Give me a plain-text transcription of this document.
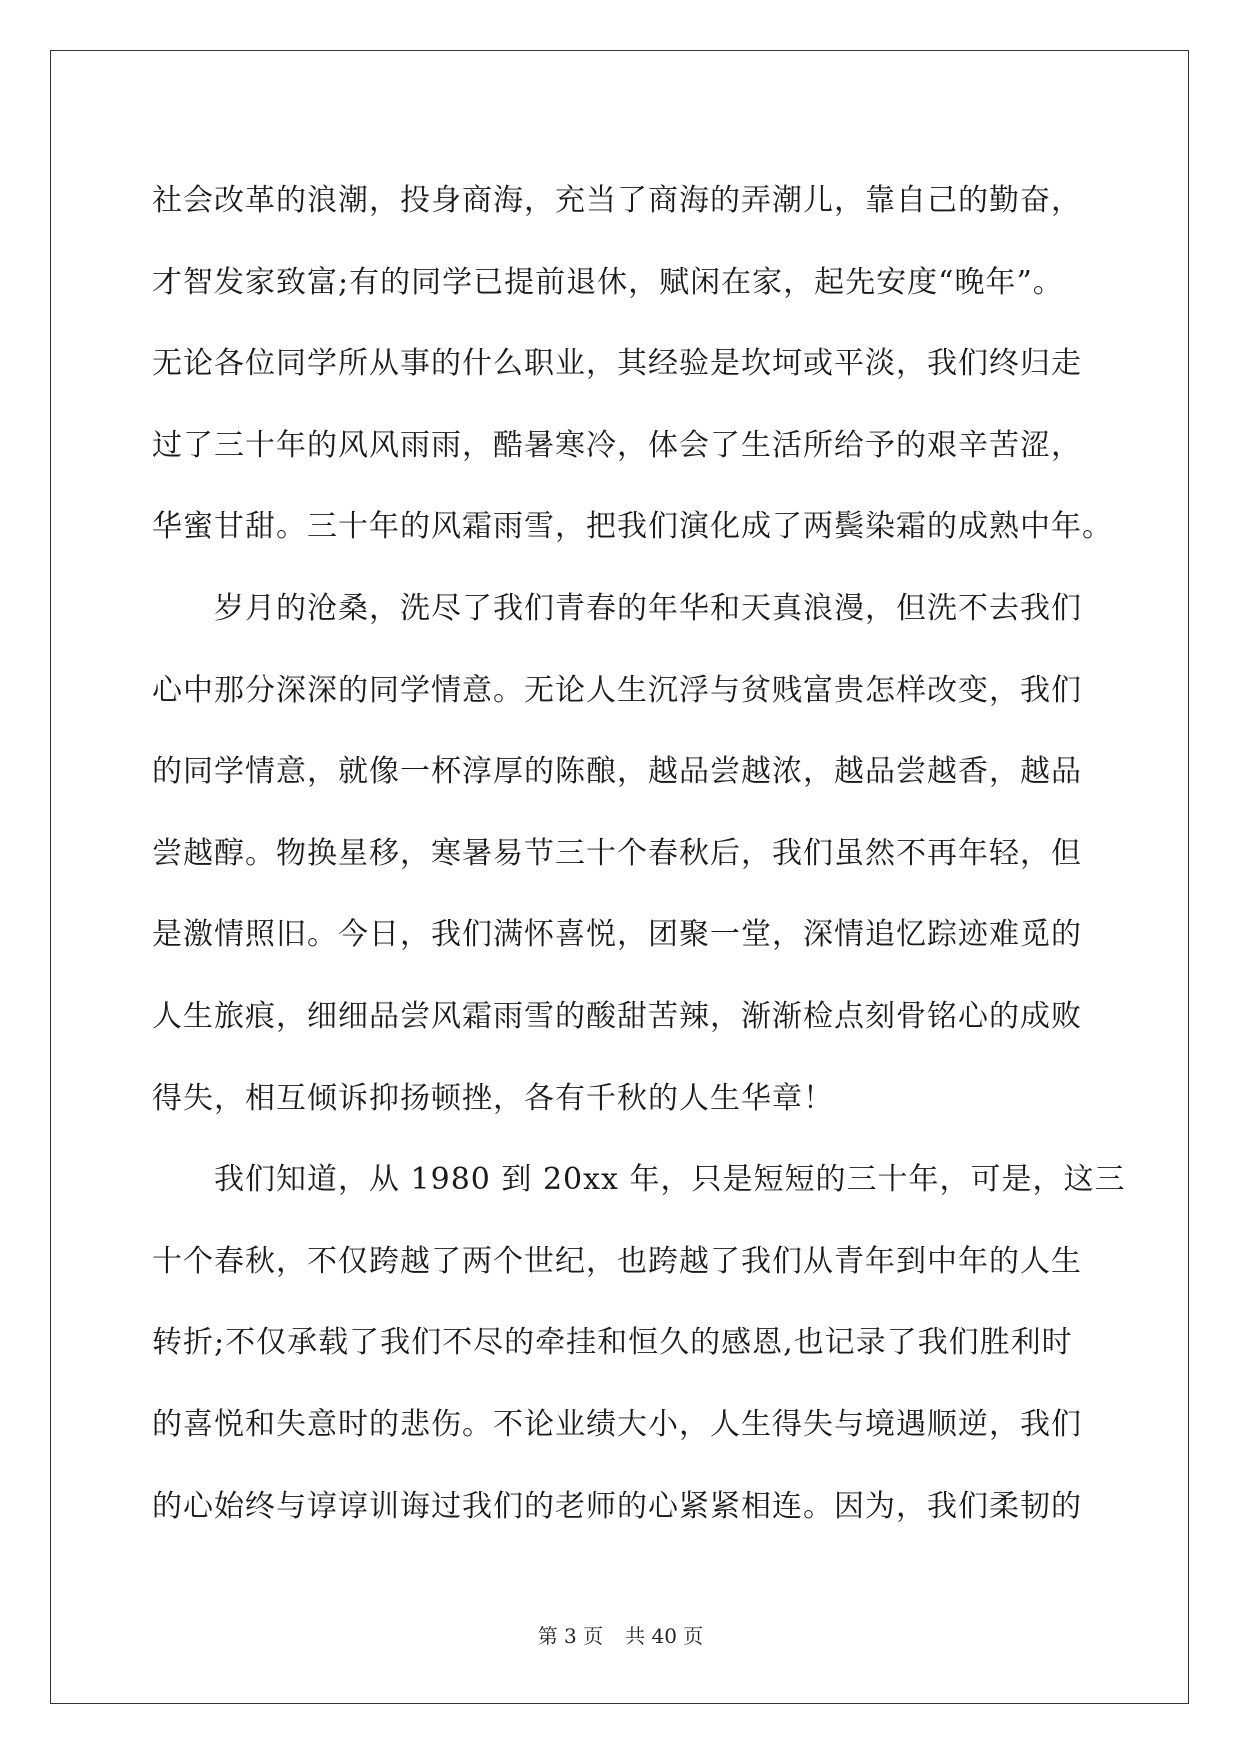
社会改革的浪潮，投身商海，充当了商海的弄潮儿，靠自己的勤奋，
才智发家致富;有的同学已提前退休，赋闲在家，起先安度“晚年”。
无论各位同学所从事的什么职业，其经验是坎坷或平淡，我们终归走
过了三十年的风风雨雨，酷暑寒冷，体会了生活所给予的艰辛苦涩，
华蜜甘甜。三十年的风霜雨雪，把我们演化成了两鬓染霜的成熟中年。
岁月的沧桑，洗尽了我们青春的年华和天真浪漫，但洗不去我们
心中那分深深的同学情意。无论人生沉浮与贫贱富贵怎样改变，我们
的同学情意，就像一杯淳厚的陈酿，越品尝越浓，越品尝越香，越品
尝越醇。物换星移，寒暑易节三十个春秋后，我们虽然不再年轻，但
是激情照旧。今日，我们满怀喜悦，团聚一堂，深情追忆踪迹难觅的
人生旅痕，细细品尝风霜雨雪的酸甜苦辣，渐渐检点刻骨铭心的成败
得失，相互倾诉抑扬顿挫，各有千秋的人生华章！
我们知道，从 1980 到 20xx 年，只是短短的三十年，可是，这三
十个春秋，不仅跨越了两个世纪，也跨越了我们从青年到中年的人生
转折;不仅承载了我们不尽的牵挂和恒久的感恩,也记录了我们胜利时
的喜悦和失意时的悲伤。不论业绩大小，人生得失与境遇顺逆，我们
的心始终与谆谆训诲过我们的老师的心紧紧相连。因为，我们柔韧的
第 3 页 共 40 页
